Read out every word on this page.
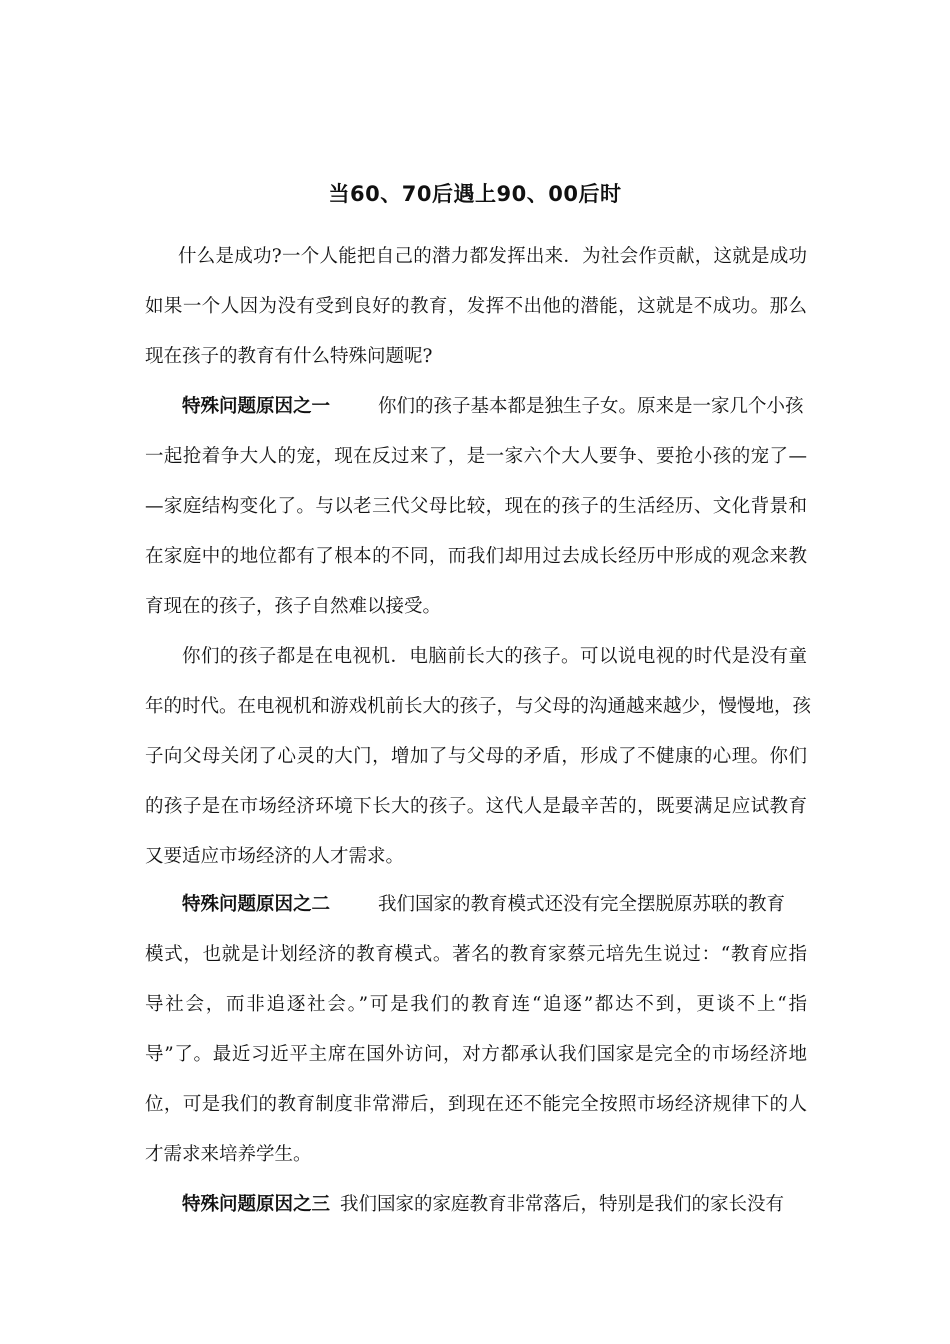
当60、70后遇上90、00后时
什么是成功?一个人能把自己的潜力都发挥出来．为社会作贡献，这就是成功
如果一个人因为没有受到良好的教育，发挥不出他的潜能，这就是不成功。那么
现在孩子的教育有什么特殊问题呢?
特殊问题原因之一	你们的孩子基本都是独生子女。原来是一家几个小孩
一起抢着争大人的宠，现在反过来了，是一家六个大人要争、要抢小孩的宠了—
—家庭结构变化了。与以老三代父母比较，现在的孩子的生活经历、文化背景和
在家庭中的地位都有了根本的不同，而我们却用过去成长经历中形成的观念来教
育现在的孩子，孩子自然难以接受。
你们的孩子都是在电视机．电脑前长大的孩子。可以说电视的时代是没有童
年的时代。在电视机和游戏机前长大的孩子，与父母的沟通越来越少，慢慢地，孩
子向父母关闭了心灵的大门，增加了与父母的矛盾，形成了不健康的心理。你们
的孩子是在市场经济环境下长大的孩子。这代人是最辛苦的，既要满足应试教育
又要适应市场经济的人才需求。
特殊问题原因之二	我们国家的教育模式还没有完全摆脱原苏联的教育
模式，也就是计划经济的教育模式。著名的教育家蔡元培先生说过：“教育应指
导社会，而非追逐社会。”可是我们的教育连“追逐”都达不到，更谈不上“指
导”了。最近习近平主席在国外访问，对方都承认我们国家是完全的市场经济地
位，可是我们的教育制度非常滞后，到现在还不能完全按照市场经济规律下的人
才需求来培养学生。
特殊问题原因之三 我们国家的家庭教育非常落后，特别是我们的家长没有
